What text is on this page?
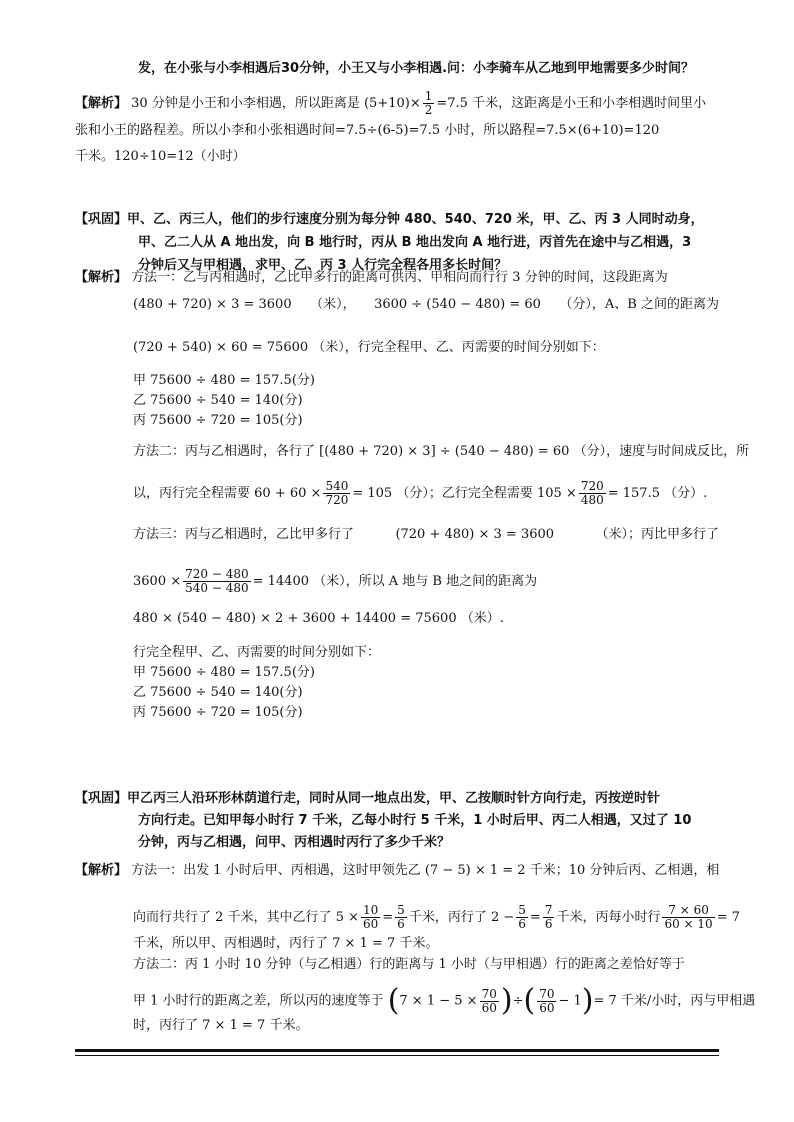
发，在小张与小李相遇后30分钟，小王又与小李相遇.问：小李骑车从乙地到甲地需要多少时间？
【解析】 30 分钟是小王和小李相遇，所以距离是 $(5+10)\times \frac{1}{2} =7.5$ 千米，这距离是小王和小李相遇时间里小
张和小王的路程差。所以小李和小张相遇时间=7.5÷(6-5)=7.5 小时，所以路程=7.5×(6+10)=120
千米。120÷10=12（小时）
【巩固】甲、乙、丙三人，他们的步行速度分别为每分钟 480、540、720 米，甲、乙、丙 3 人同时动身，
甲、乙二人从 A 地出发，向 B 地行时，丙从 B 地出发向 A 地行进，丙首先在途中与乙相遇，3
分钟后又与甲相遇，求甲、乙、丙 3 人行完全程各用多长时间？
【解析】 方法一：乙与丙相遇时，乙比甲多行的距离可供丙、甲相向而行行 3 分钟的时间，这段距离为
(480 + 720) × 3 = 3600 （米）， 3600 ÷ (540 − 480) = 60 （分），A、B 之间的距离为
(720 + 540) × 60 = 75600 （米），行完全程甲、乙、丙需要的时间分别如下：
甲 75600 ÷ 480 = 157.5(分)
乙 75600 ÷ 540 = 140(分)
丙 75600 ÷ 720 = 105(分)
方法二：丙与乙相遇时，各行了 [(480 + 720) × 3] ÷ (540 − 480) = 60 （分），速度与时间成反比，所
以，丙行完全程需要 $60 + 60 \times \frac{540}{720} = 105$ （分）；乙行完全程需要 $105 \times \frac{720}{480} = 157.5$ （分）.
方法三：丙与乙相遇时，乙比甲多行了	(720 + 480) × 3 = 3600	（米）；丙比甲多行了
$3600 \times \frac{720 - 480}{540 - 480} = 14400$ （米），所以 A 地与 B 地之间的距离为
480 × (540 − 480) × 2 + 3600 + 14400 = 75600 （米）.
行完全程甲、乙、丙需要的时间分别如下：
甲 75600 ÷ 480 = 157.5(分)
乙 75600 ÷ 540 = 140(分)
丙 75600 ÷ 720 = 105(分)
【巩固】甲乙丙三人沿环形林荫道行走，同时从同一地点出发，甲、乙按顺时针方向行走，丙按逆时针
方向行走。已知甲每小时行 7 千米，乙每小时行 5 千米，1 小时后甲、丙二人相遇，又过了 10
分钟，丙与乙相遇，问甲、丙相遇时丙行了多少千米？
【解析】 方法一：出发 1 小时后甲、丙相遇，这时甲领先乙 (7 − 5) × 1 = 2 千米；10 分钟后丙、乙相遇，相
向而行共行了 2 千米，其中乙行了 $5 \times \frac{10}{60} = \frac{5}{6}$ 千米，丙行了 $2 - \frac{5}{6} = \frac{7}{6}$ 千米，丙每小时行 $\frac{7 \times 60}{60 \times 10} = 7$
千米，所以甲、丙相遇时，丙行了 7 × 1 = 7 千米。
方法二：丙 1 小时 10 分钟（与乙相遇）行的距离与 1 小时（与甲相遇）行的距离之差恰好等于
甲 1 小时行的距离之差，所以丙的速度等于 ($7 \times 1 - 5 \times \frac{70}{60}$ )÷( $\frac{70}{60} - 1)= 7$ 千米/小时，丙与甲相遇
时，丙行了 7 × 1 = 7 千米。
